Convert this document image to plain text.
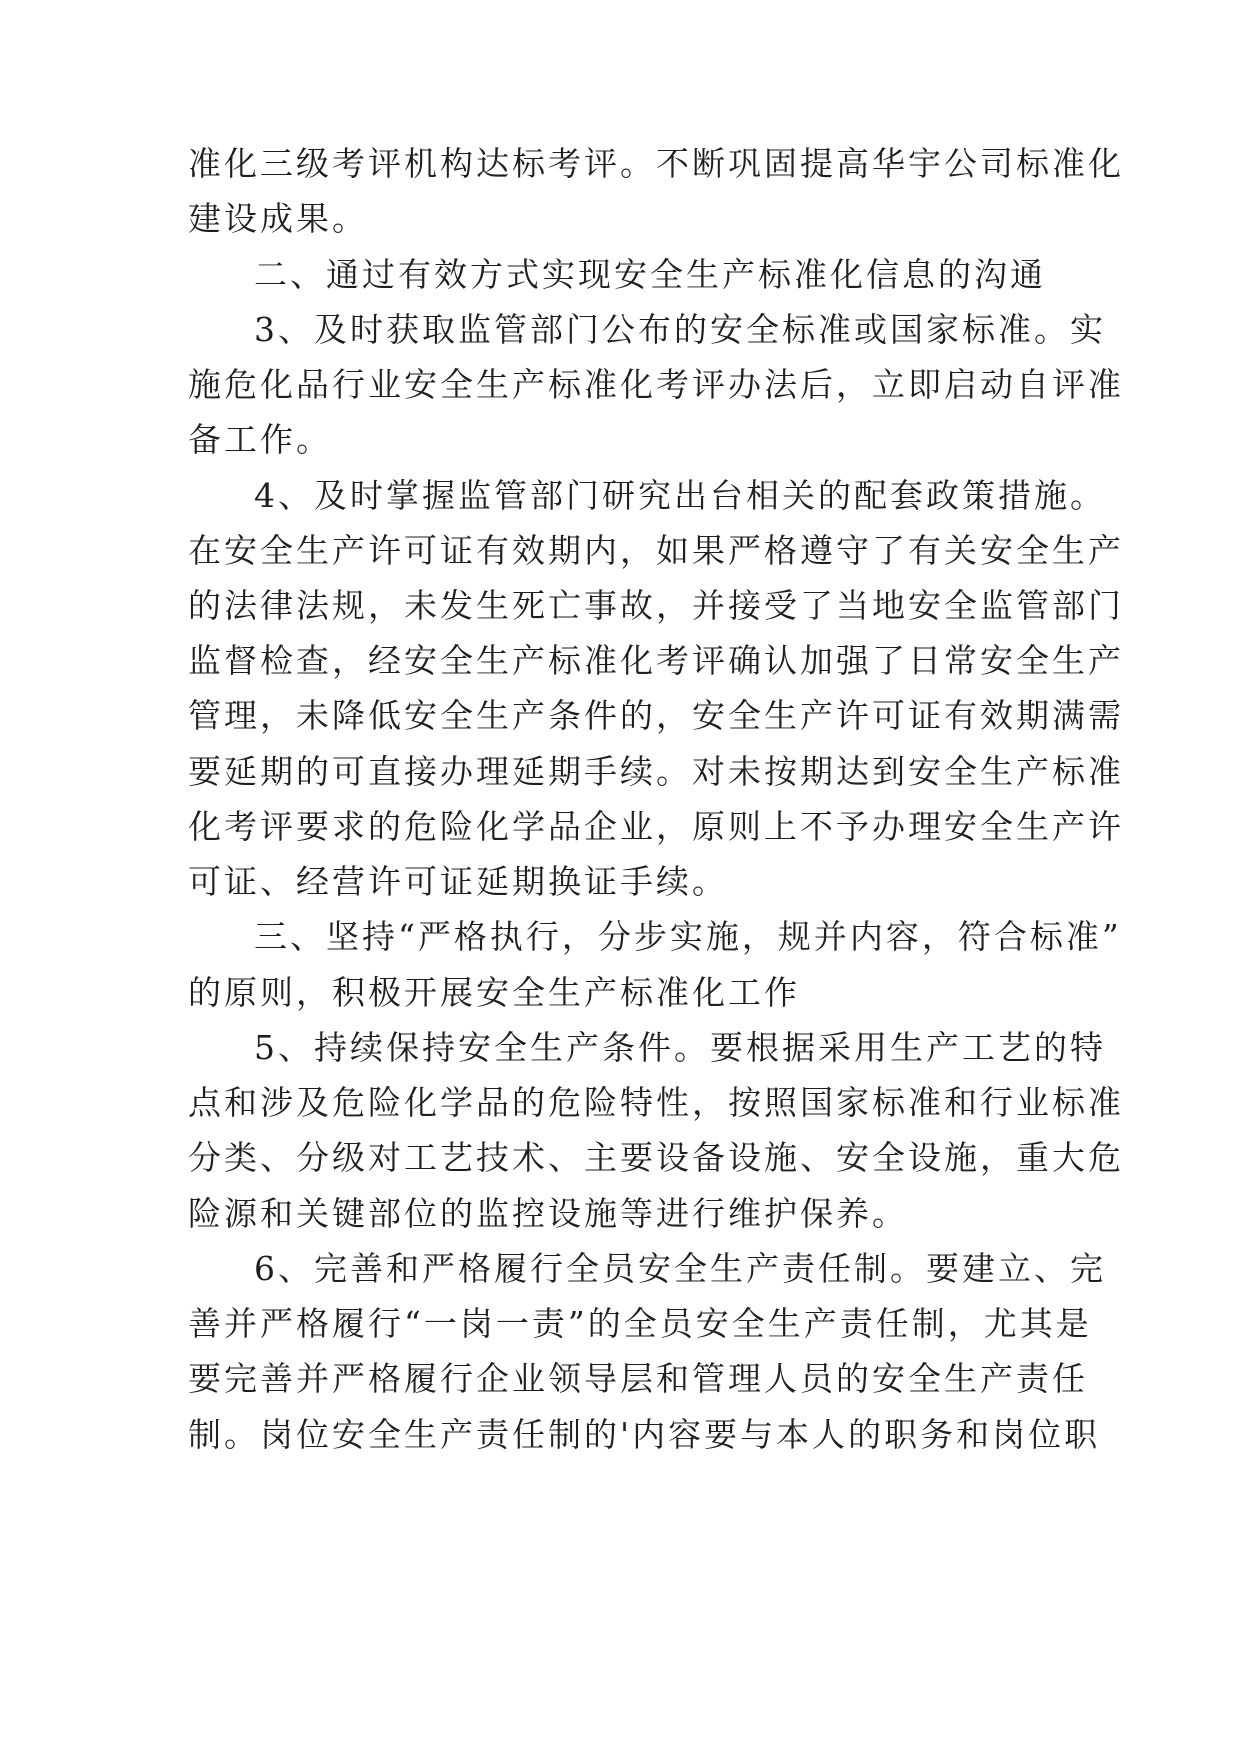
准化三级考评机构达标考评。不断巩固提高华宇公司标准化
建设成果。
二、通过有效方式实现安全生产标准化信息的沟通
3、及时获取监管部门公布的安全标准或国家标准。实
施危化品行业安全生产标准化考评办法后，立即启动自评准
备工作。
4、及时掌握监管部门研究出台相关的配套政策措施。
在安全生产许可证有效期内，如果严格遵守了有关安全生产
的法律法规，未发生死亡事故，并接受了当地安全监管部门
监督检查，经安全生产标准化考评确认加强了日常安全生产
管理，未降低安全生产条件的，安全生产许可证有效期满需
要延期的可直接办理延期手续。对未按期达到安全生产标准
化考评要求的危险化学品企业，原则上不予办理安全生产许
可证、经营许可证延期换证手续。
三、坚持“严格执行，分步实施，规并内容，符合标准”
的原则，积极开展安全生产标准化工作
5、持续保持安全生产条件。要根据采用生产工艺的特
点和涉及危险化学品的危险特性，按照国家标准和行业标准
分类、分级对工艺技术、主要设备设施、安全设施，重大危
险源和关键部位的监控设施等进行维护保养。
6、完善和严格履行全员安全生产责任制。要建立、完
善并严格履行“一岗一责”的全员安全生产责任制，尤其是
要完善并严格履行企业领导层和管理人员的安全生产责任
制。岗位安全生产责任制的'内容要与本人的职务和岗位职
